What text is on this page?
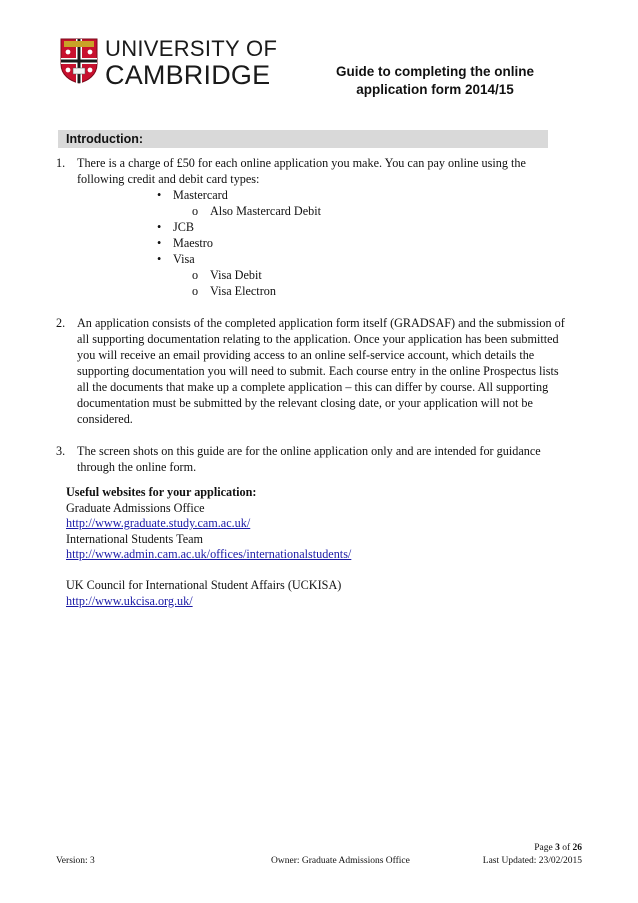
UNIVERSITY OF
CAMBRIDGE	Guide to completing the online
application form 2014/15
Introduction:
1. There is a charge of £50 for each online application you make. You can pay online using the following credit and debit card types:
• Mastercard
o Also Mastercard Debit
• JCB
• Maestro
• Visa
o Visa Debit
o Visa Electron
2. An application consists of the completed application form itself (GRADSAF) and the submission of all supporting documentation relating to the application. Once your application has been submitted you will receive an email providing access to an online self-service account, which details the supporting documentation you will need to submit. Each course entry in the online Prospectus lists all the documents that make up a complete application – this can differ by course. All supporting documentation must be submitted by the relevant closing date, or your application will not be considered.
3. The screen shots on this guide are for the online application only and are intended for guidance through the online form.
Useful websites for your application:
Graduate Admissions Office
http://www.graduate.study.cam.ac.uk/
International Students Team
http://www.admin.cam.ac.uk/offices/internationalstudents/
UK Council for International Student Affairs (UCKISA)
http://www.ukcisa.org.uk/
Page 3 of 26
Version: 3	Owner: Graduate Admissions Office	Last Updated: 23/02/2015
